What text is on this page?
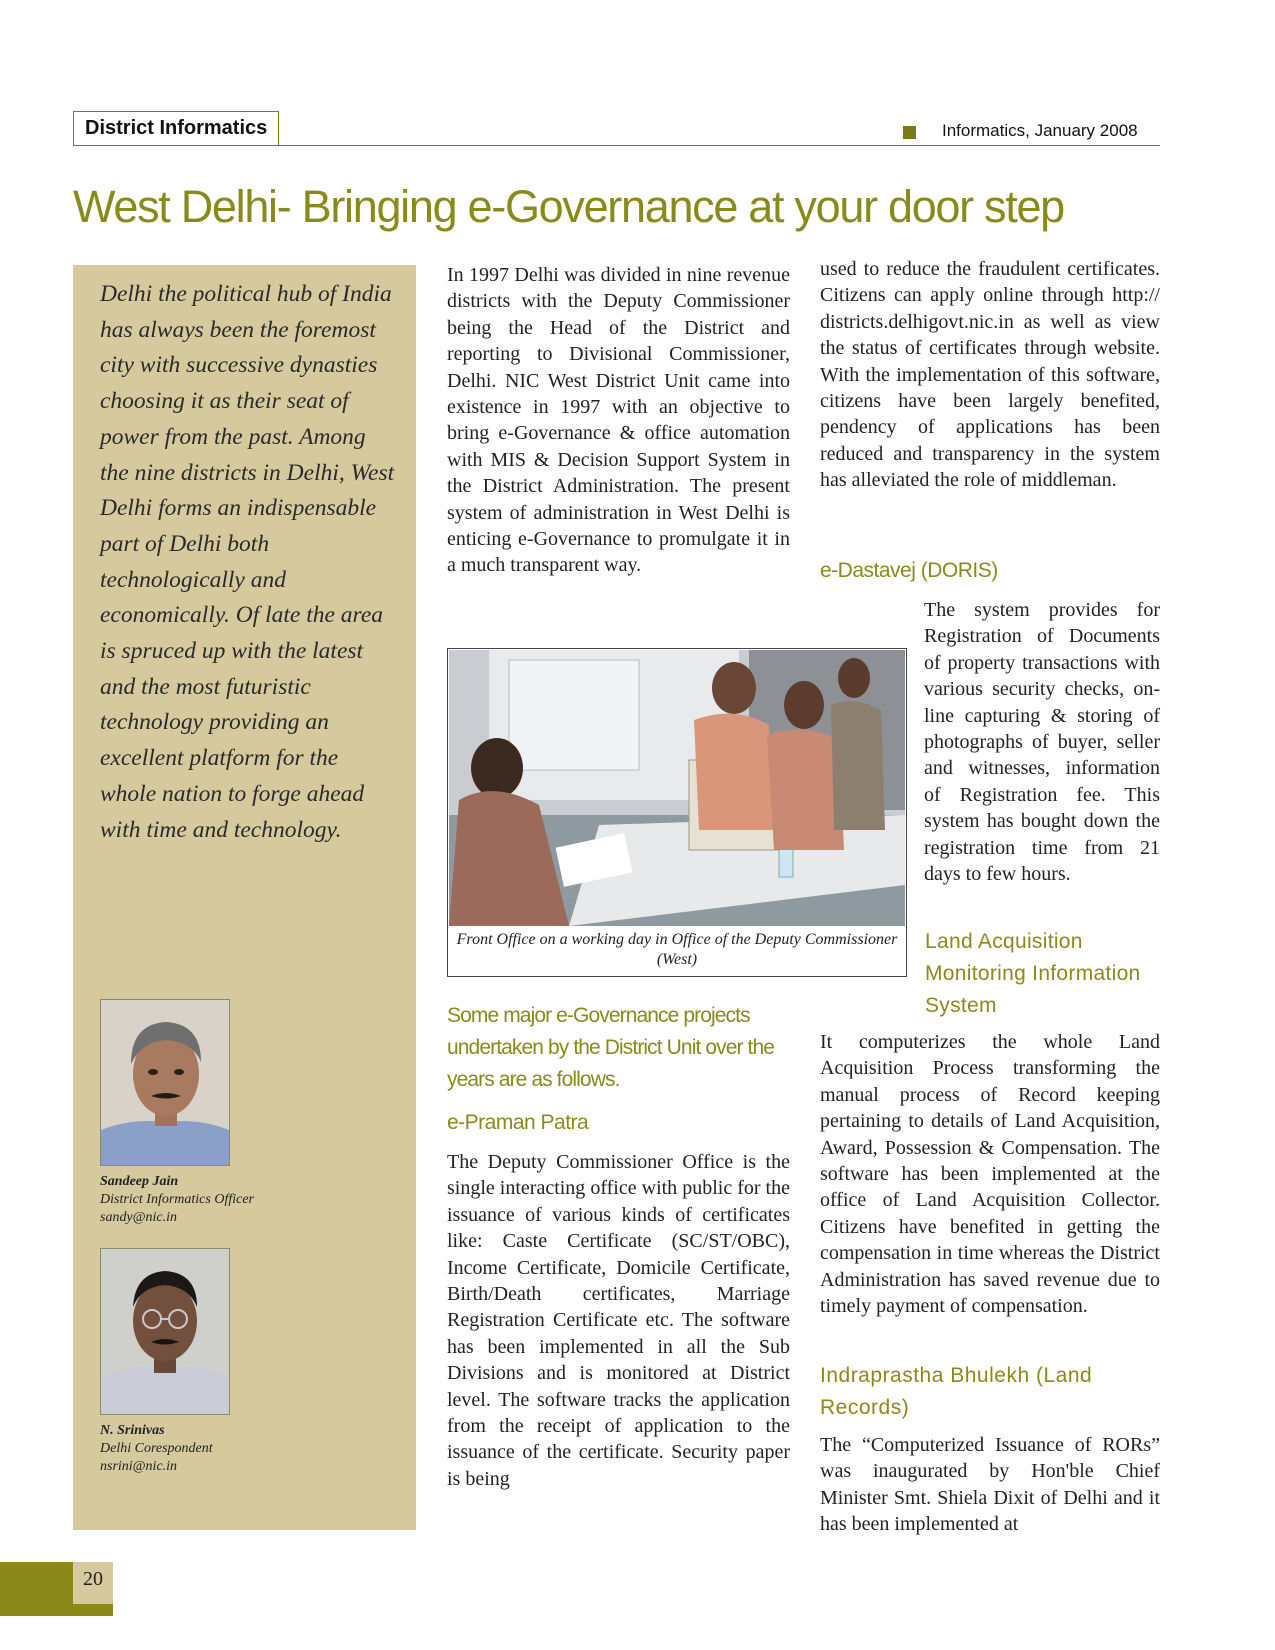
District Informatics	Informatics, January 2008
West Delhi- Bringing e-Governance at your door step
Delhi the political hub of India has always been the foremost city with successive dynasties choosing it as their seat of power from the past. Among the nine districts in Delhi, West Delhi forms an indispensable part of Delhi both technologically and economically. Of late the area is spruced up with the latest and the most futuristic technology providing an excellent platform for the whole nation to forge ahead with time and technology.
Sandeep Jain
District Informatics Officer
sandy@nic.in
N. Srinivas
Delhi Corespondent
nsrini@nic.in
In 1997 Delhi was divided in nine revenue districts with the Deputy Commissioner being the Head of the District and reporting to Divisional Commissioner, Delhi. NIC West District Unit came into existence in 1997 with an objective to bring e-Governance & office automation with MIS & Decision Support System in the District Administration. The present system of administration in West Delhi is enticing e-Governance to promulgate it in a much transparent way.
Front Office on a working day in Office of the Deputy Commissioner (West)
Some major e-Governance projects undertaken by the District Unit over the years are as follows.
e-Praman Patra
The Deputy Commissioner Office is the single interacting office with public for the issuance of various kinds of certificates like: Caste Certificate (SC/ST/OBC), Income Certificate, Domicile Certificate, Birth/Death certificates, Marriage Registration Certificate etc. The software has been implemented in all the Sub Divisions and is monitored at District level. The software tracks the application from the receipt of application to the issuance of the certificate. Security paper is being
used to reduce the fraudulent certificates. Citizens can apply online through http:// districts.delhigovt.nic.in as well as view the status of certificates through website. With the implementation of this software, citizens have been largely benefited, pendency of applications has been reduced and transparency in the system has alleviated the role of middleman.
e-Dastavej (DORIS)
The system provides for Registration of Documents of property transactions with various security checks, on-line capturing & storing of photographs of buyer, seller and witnesses, information of Registration fee. This system has bought down the registration time from 21 days to few hours.
Land Acquisition Monitoring Information System
It computerizes the whole Land Acquisition Process transforming the manual process of Record keeping pertaining to details of Land Acquisition, Award, Possession & Compensation. The software has been implemented at the office of Land Acquisition Collector. Citizens have benefited in getting the compensation in time whereas the District Administration has saved revenue due to timely payment of compensation.
Indraprastha Bhulekh (Land Records)
The “Computerized Issuance of RORs” was inaugurated by Hon'ble Chief Minister Smt. Shiela Dixit of Delhi and it has been implemented at
20
